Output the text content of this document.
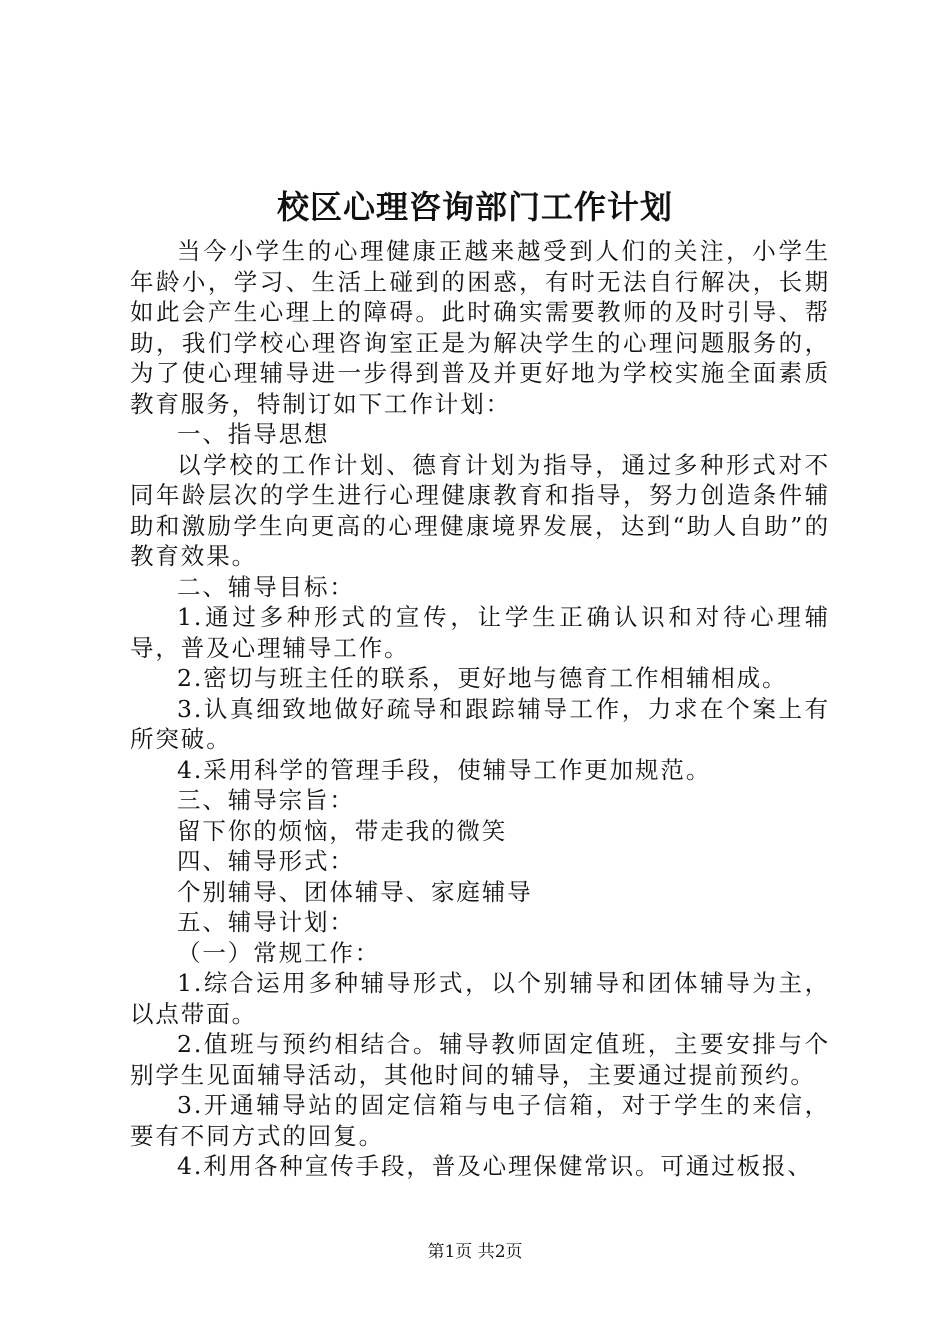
校区心理咨询部门工作计划

当今小学生的心理健康正越来越受到人们的关注，小学生年龄小，学习、生活上碰到的困惑，有时无法自行解决，长期如此会产生心理上的障碍。此时确实需要教师的及时引导、帮助，我们学校心理咨询室正是为解决学生的心理问题服务的，为了使心理辅导进一步得到普及并更好地为学校实施全面素质教育服务，特制订如下工作计划：

一、指导思想

以学校的工作计划、德育计划为指导，通过多种形式对不同年龄层次的学生进行心理健康教育和指导，努力创造条件辅助和激励学生向更高的心理健康境界发展，达到“助人自助”的教育效果。

二、辅导目标：

1.通过多种形式的宣传，让学生正确认识和对待心理辅导，普及心理辅导工作。

2.密切与班主任的联系，更好地与德育工作相辅相成。

3.认真细致地做好疏导和跟踪辅导工作，力求在个案上有所突破。

4.采用科学的管理手段，使辅导工作更加规范。

三、辅导宗旨：

留下你的烦恼，带走我的微笑

四、辅导形式：

个别辅导、团体辅导、家庭辅导

五、辅导计划：

（一）常规工作：

1.综合运用多种辅导形式，以个别辅导和团体辅导为主，以点带面。

2.值班与预约相结合。辅导教师固定值班，主要安排与个别学生见面辅导活动，其他时间的辅导，主要通过提前预约。

3.开通辅导站的固定信箱与电子信箱，对于学生的来信，要有不同方式的回复。

4.利用各种宣传手段，普及心理保健常识。可通过板报、

第1页 共2页
